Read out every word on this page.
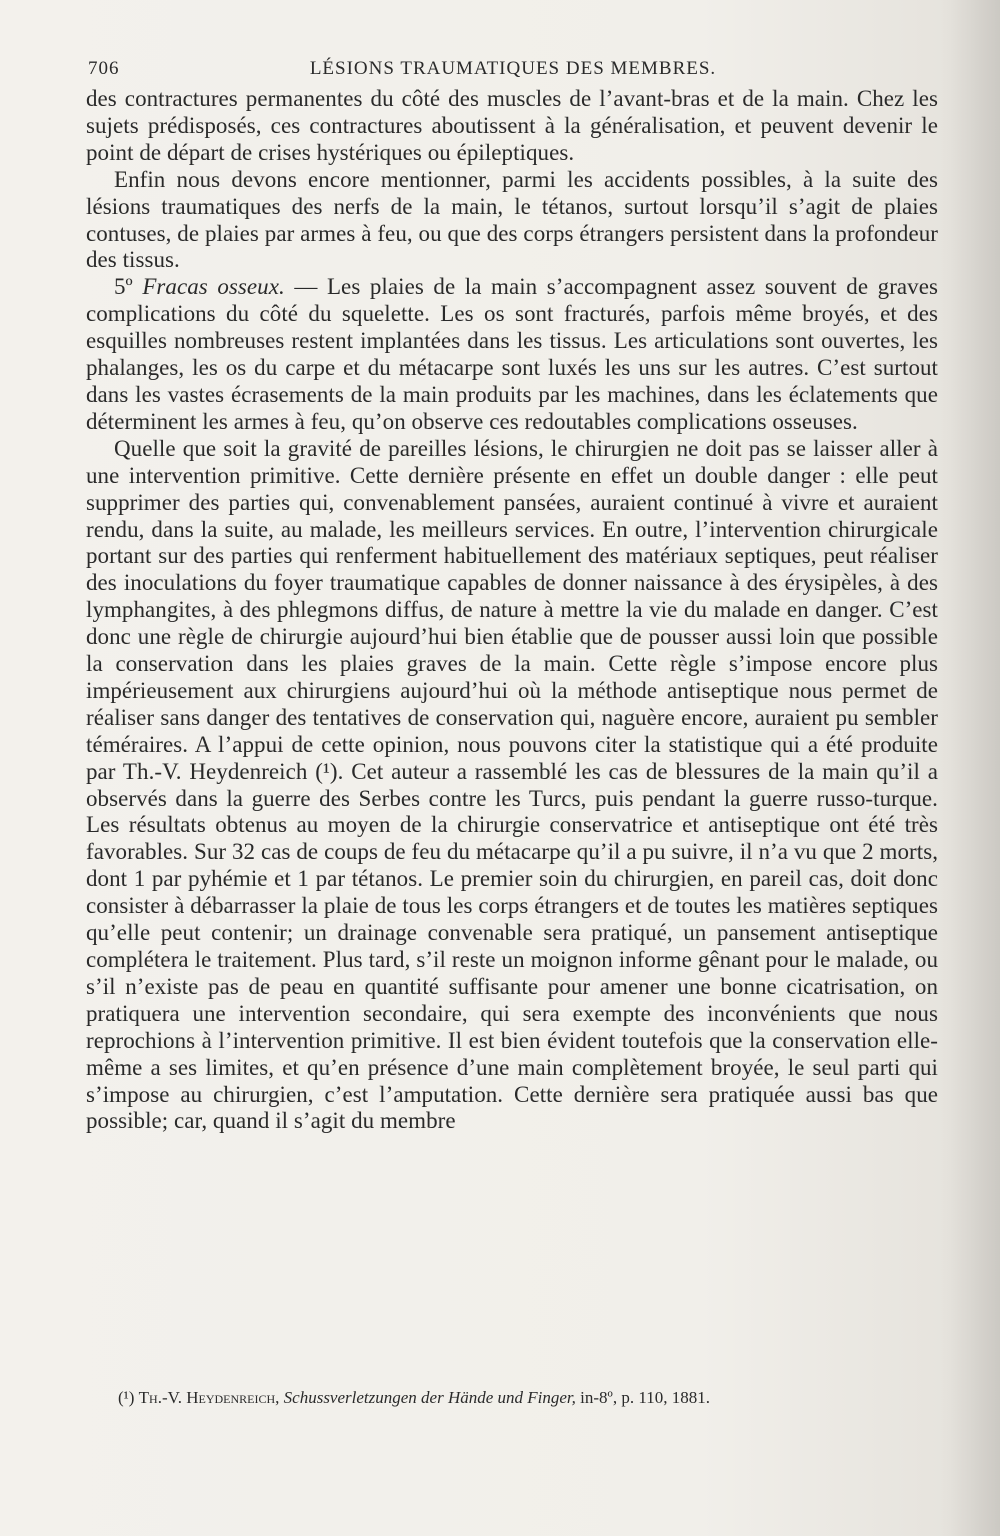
706	LÉSIONS TRAUMATIQUES DES MEMBRES.

des contractures permanentes du côté des muscles de l’avant-bras et de la main. Chez les sujets prédisposés, ces contractures aboutissent à la généralisation, et peuvent devenir le point de départ de crises hystériques ou épileptiques.

Enfin nous devons encore mentionner, parmi les accidents possibles, à la suite des lésions traumatiques des nerfs de la main, le tétanos, surtout lorsqu’il s’agit de plaies contuses, de plaies par armes à feu, ou que des corps étrangers persistent dans la profondeur des tissus.

5º Fracas osseux. — Les plaies de la main s’accompagnent assez souvent de graves complications du côté du squelette. Les os sont fracturés, parfois même broyés, et des esquilles nombreuses restent implantées dans les tissus. Les articulations sont ouvertes, les phalanges, les os du carpe et du métacarpe sont luxés les uns sur les autres. C’est surtout dans les vastes écrasements de la main produits par les machines, dans les éclatements que déterminent les armes à feu, qu’on observe ces redoutables complications osseuses.

Quelle que soit la gravité de pareilles lésions, le chirurgien ne doit pas se laisser aller à une intervention primitive. Cette dernière présente en effet un double danger : elle peut supprimer des parties qui, convenablement pansées, auraient continué à vivre et auraient rendu, dans la suite, au malade, les meilleurs services. En outre, l’intervention chirurgicale portant sur des parties qui renferment habituellement des matériaux septiques, peut réaliser des inoculations du foyer traumatique capables de donner naissance à des érysipèles, à des lymphangites, à des phlegmons diffus, de nature à mettre la vie du malade en danger. C’est donc une règle de chirurgie aujourd’hui bien établie que de pousser aussi loin que possible la conservation dans les plaies graves de la main. Cette règle s’impose encore plus impérieusement aux chirurgiens aujourd’hui où la méthode antiseptique nous permet de réaliser sans danger des tentatives de conservation qui, naguère encore, auraient pu sembler téméraires. A l’appui de cette opinion, nous pouvons citer la statistique qui a été produite par Th.-V. Heydenreich (¹). Cet auteur a rassemblé les cas de blessures de la main qu’il a observés dans la guerre des Serbes contre les Turcs, puis pendant la guerre russo-turque. Les résultats obtenus au moyen de la chirurgie conservatrice et antiseptique ont été très favorables. Sur 32 cas de coups de feu du métacarpe qu’il a pu suivre, il n’a vu que 2 morts, dont 1 par pyhémie et 1 par tétanos. Le premier soin du chirurgien, en pareil cas, doit donc consister à débarrasser la plaie de tous les corps étrangers et de toutes les matières septiques qu’elle peut contenir; un drainage convenable sera pratiqué, un pansement antiseptique complétera le traitement. Plus tard, s’il reste un moignon informe gênant pour le malade, ou s’il n’existe pas de peau en quantité suffisante pour amener une bonne cicatrisation, on pratiquera une intervention secondaire, qui sera exempte des inconvénients que nous reprochions à l’intervention primitive. Il est bien évident toutefois que la conservation elle-même a ses limites, et qu’en présence d’une main complètement broyée, le seul parti qui s’impose au chirurgien, c’est l’amputation. Cette dernière sera pratiquée aussi bas que possible; car, quand il s’agit du membre

(¹) Th.-V. Heydenreich, Schussverletzungen der Hände und Finger, in-8º, p. 110, 1881.
